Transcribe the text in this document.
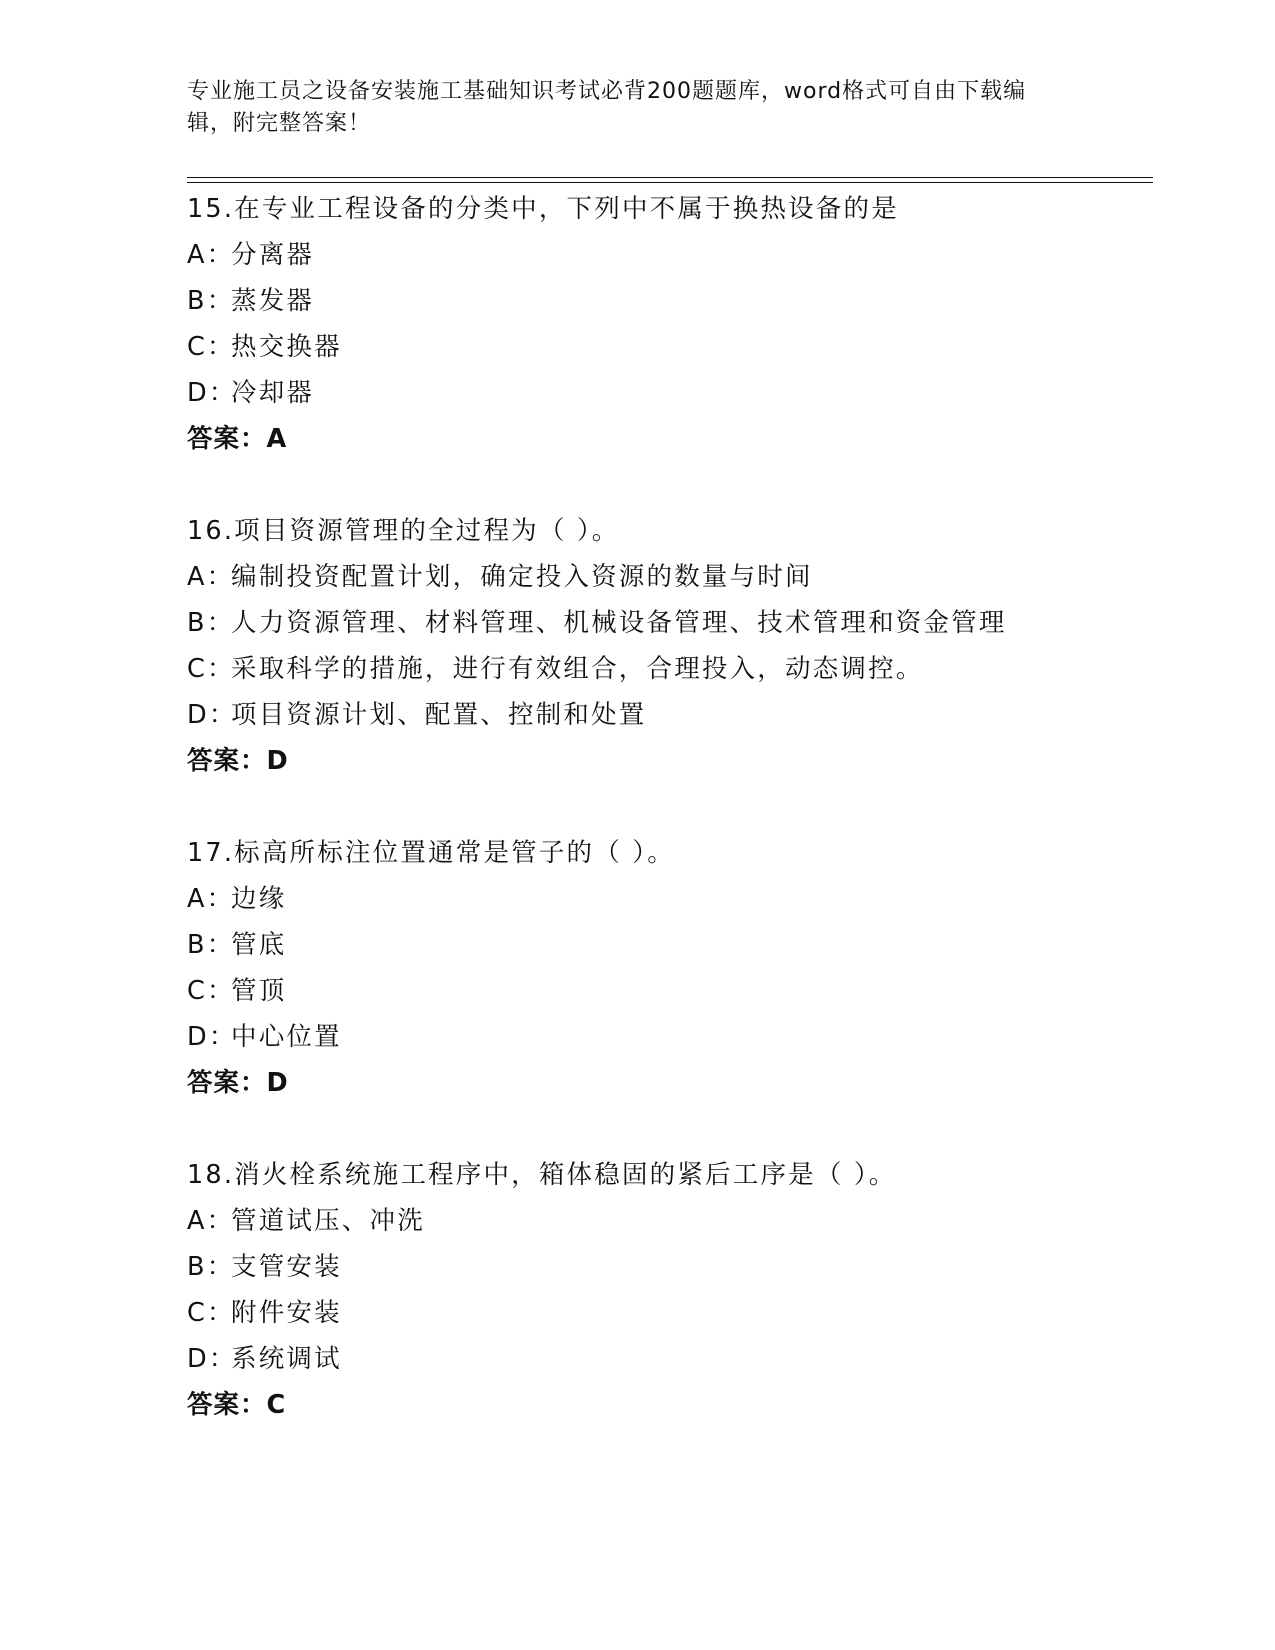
专业施工员之设备安装施工基础知识考试必背200题题库，word格式可自由下载编辑，附完整答案！
15.在专业工程设备的分类中，下列中不属于换热设备的是
A：分离器
B：蒸发器
C：热交换器
D：冷却器
答案：A
16.项目资源管理的全过程为（ ）。
A：编制投资配置计划，确定投入资源的数量与时间
B：人力资源管理、材料管理、机械设备管理、技术管理和资金管理
C：采取科学的措施，进行有效组合，合理投入，动态调控。
D：项目资源计划、配置、控制和处置
答案：D
17.标高所标注位置通常是管子的（ ）。
A：边缘
B：管底
C：管顶
D：中心位置
答案：D
18.消火栓系统施工程序中，箱体稳固的紧后工序是（ ）。
A：管道试压、冲洗
B：支管安装
C：附件安装
D：系统调试
答案：C
